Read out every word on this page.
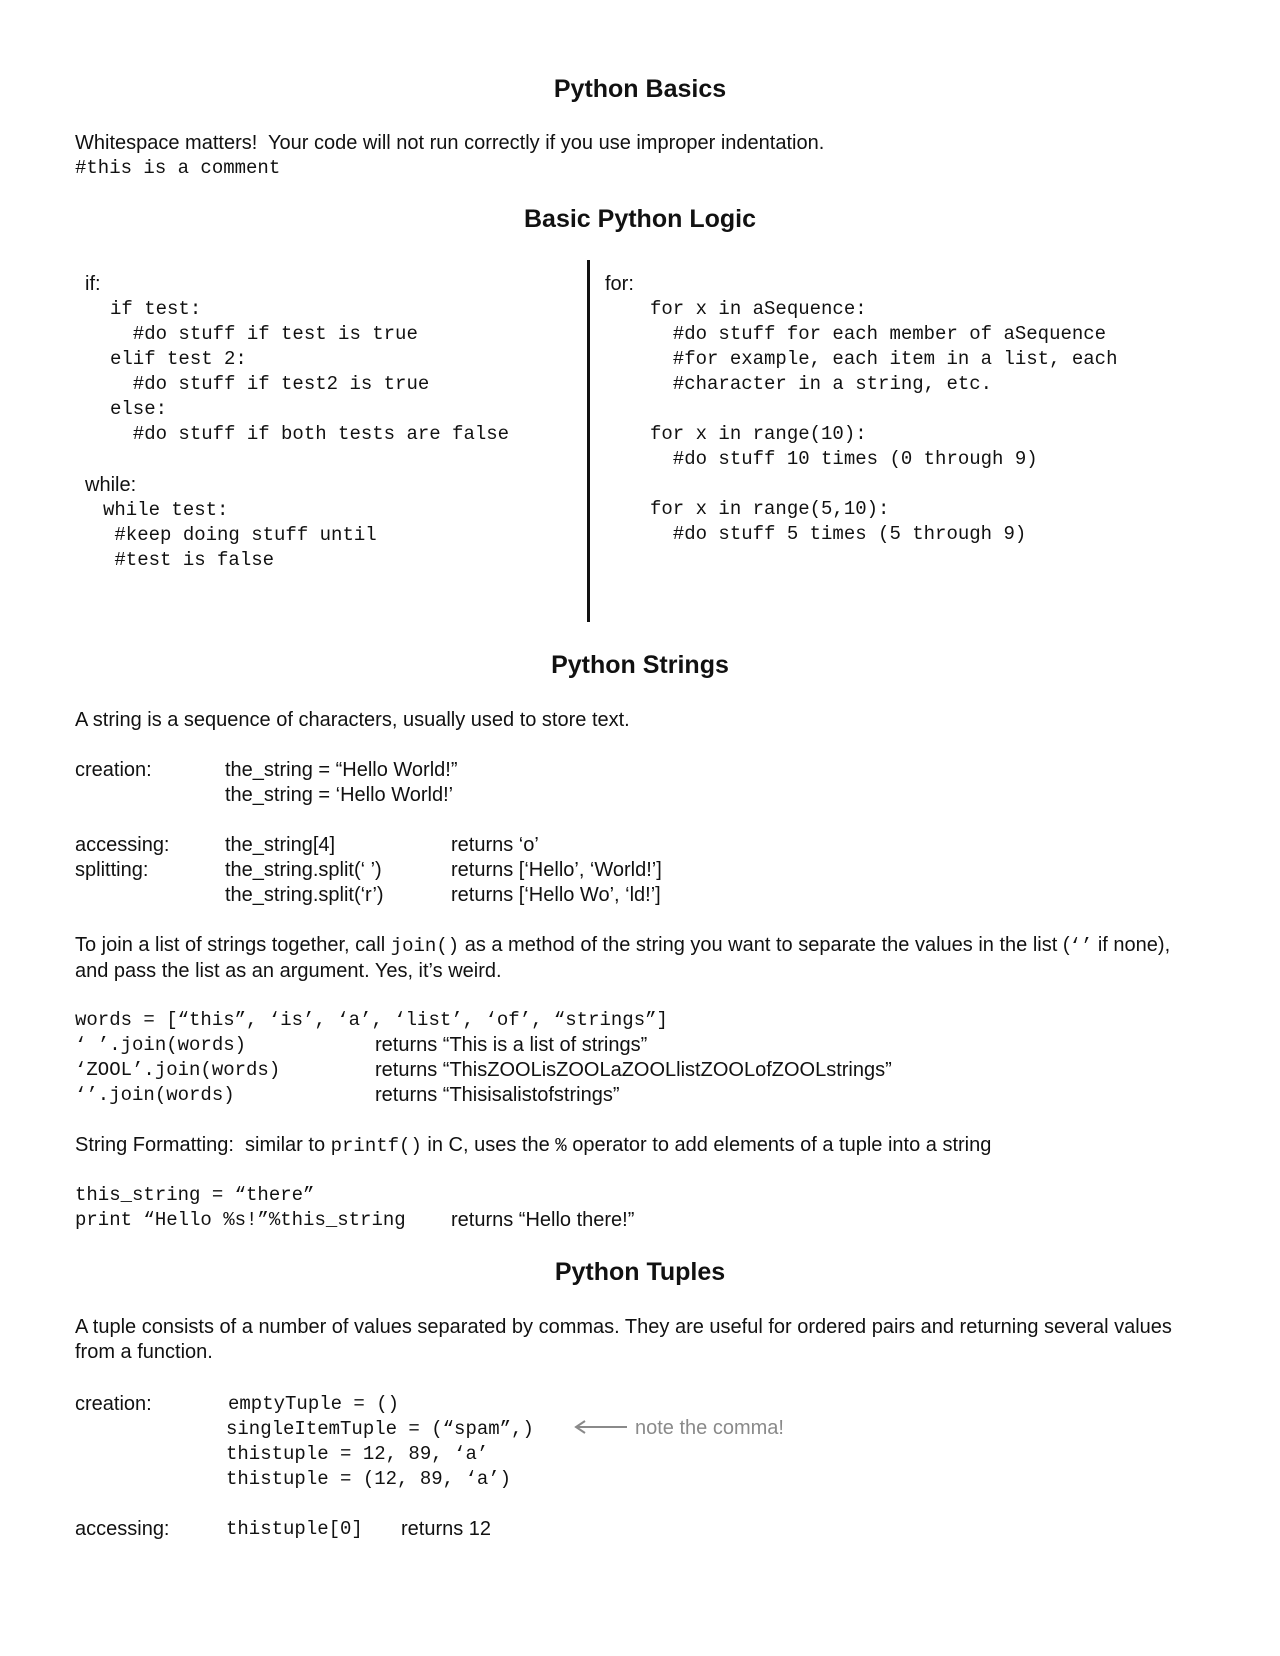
Python Basics
Whitespace matters!  Your code will not run correctly if you use improper indentation.
#this is a comment
Basic Python Logic
if:
if test:
#do stuff if test is true
elif test 2:
#do stuff if test2 is true
else:
#do stuff if both tests are false
while:
while test:
#keep doing stuff until
#test is false
for:
for x in aSequence:
#do stuff for each member of aSequence
#for example, each item in a list, each
#character in a string, etc.
for x in range(10):
#do stuff 10 times (0 through 9)
for x in range(5,10):
#do stuff 5 times (5 through 9)
Python Strings
A string is a sequence of characters, usually used to store text.
creation:	the_string = “Hello World!”
the_string = ‘Hello World!’
accessing:	the_string[4]	returns ‘o’
splitting:	the_string.split(‘ ’)	returns [‘Hello’, ‘World!’]
the_string.split(‘r’)	returns [‘Hello Wo’, ‘ld!’]
To join a list of strings together, call join() as a method of the string you want to separate the values in the list (‘’ if none), and pass the list as an argument. Yes, it’s weird.
words = [“this”, ‘is’, ‘a’, ‘list’, ‘of’, “strings”]
‘ ’.join(words)	returns “This is a list of strings”
‘ZOOL’.join(words)	returns “ThisZOOLisZOOLaZOOLlistZOOLofZOOLstrings”
‘’.join(words)	returns “Thisisalistofstrings”
String Formatting:  similar to printf() in C, uses the % operator to add elements of a tuple into a string
this_string = “there”
print “Hello %s!”%this_string returns “Hello there!”
Python Tuples
A tuple consists of a number of values separated by commas. They are useful for ordered pairs and returning several values from a function.
creation:	emptyTuple = ()
singleItemTuple = (“spam”,)
thistuple = 12, 89, ‘a’
thistuple = (12, 89, ‘a’)
note the comma!
accessing:	thistuple[0] returns 12
